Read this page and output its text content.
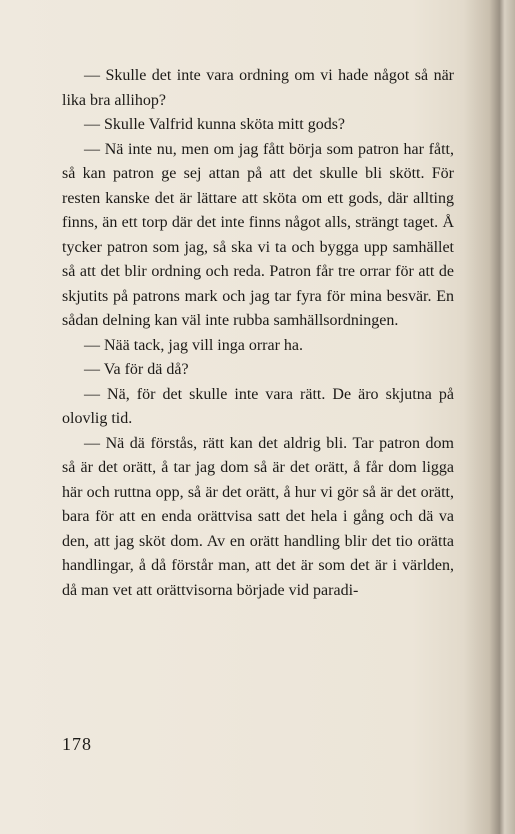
— Skulle det inte vara ordning om vi hade något så när lika bra allihop?

— Skulle Valfrid kunna sköta mitt gods?

— Nä inte nu, men om jag fått börja som patron har fått, så kan patron ge sej attan på att det skulle bli skött. För resten kanske det är lättare att sköta om ett gods, där allting finns, än ett torp där det inte finns något alls, strängt taget. Å tycker patron som jag, så ska vi ta och bygga upp samhället så att det blir ordning och reda. Patron får tre orrar för att de skjutits på patrons mark och jag tar fyra för mina besvär. En sådan delning kan väl inte rubba samhällsordningen.

— Nää tack, jag vill inga orrar ha.

— Va för dä då?

— Nä, för det skulle inte vara rätt. De äro skjutna på olovlig tid.

— Nä dä förstås, rätt kan det aldrig bli. Tar patron dom så är det orätt, å tar jag dom så är det orätt, å får dom ligga här och ruttna opp, så är det orätt, å hur vi gör så är det orätt, bara för att en enda orättvisa satt det hela i gång och dä va den, att jag sköt dom. Av en orätt handling blir det tio orätta handlingar, å då förstår man, att det är som det är i världen, då man vet att orättvisorna började vid paradi-

178
